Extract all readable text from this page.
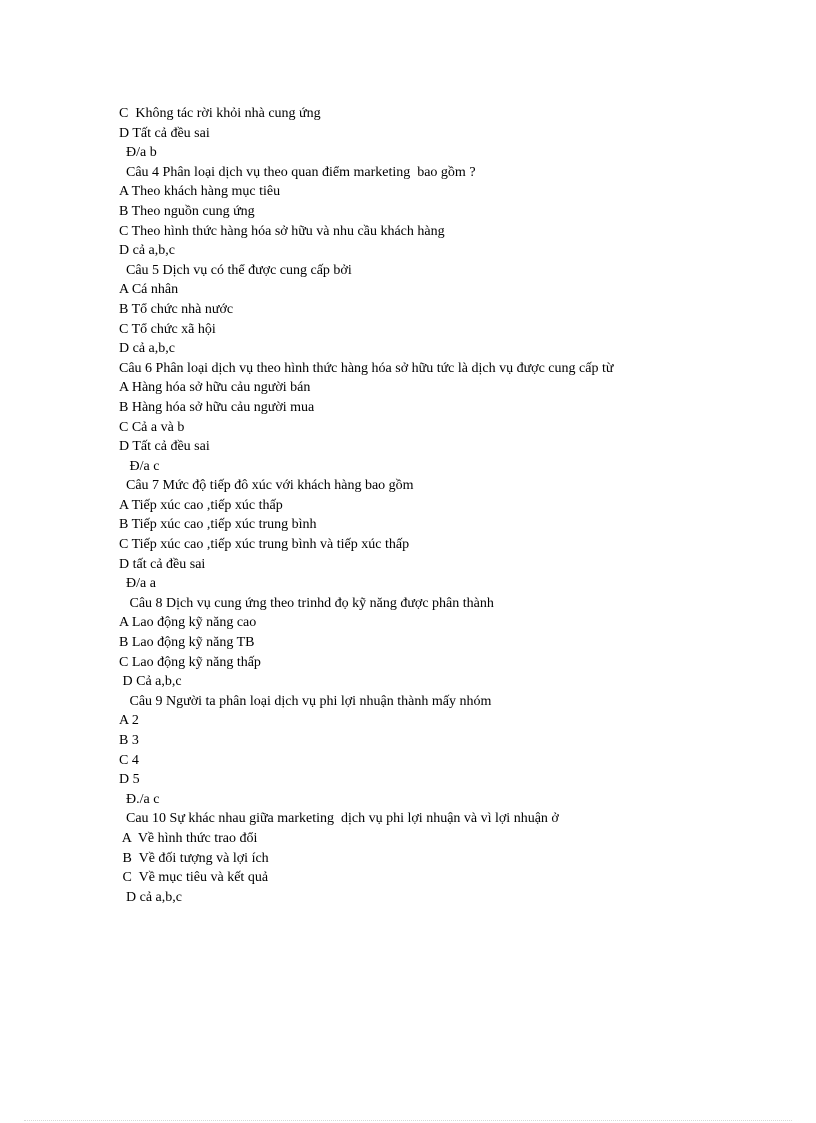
C  Không tác rời khỏi nhà cung ứng
D Tất cả đều sai
Đ/a b
Câu 4 Phân loại dịch vụ theo quan điểm marketing  bao gồm ?
A Theo khách hàng mục tiêu
B Theo nguồn cung ứng
C Theo hình thức hàng hóa sở hữu và nhu cầu khách hàng
D cả a,b,c
Câu 5 Dịch vụ có thể được cung cấp bởi
A Cá nhân
B Tổ chức nhà nước
C Tổ chức xã hội
D cả a,b,c
Câu 6 Phân loại dịch vụ theo hình thức hàng hóa sở hữu tức là dịch vụ được cung cấp từ
A Hàng hóa sở hữu cảu người bán
B Hàng hóa sở hữu cảu người mua
C Cả a và b
D Tất cả đều sai
Đ/a c
Câu 7 Mức độ tiếp đô xúc với khách hàng bao gồm
A Tiếp xúc cao ,tiếp xúc thấp
B Tiếp xúc cao ,tiếp xúc trung bình
C Tiếp xúc cao ,tiếp xúc trung bình và tiếp xúc thấp
D tất cả đều sai
Đ/a a
Câu 8 Dịch vụ cung ứng theo trinhd đọ kỹ năng được phân thành
A Lao động kỹ năng cao
B Lao động kỹ năng TB
C Lao động kỹ năng thấp
D Cả a,b,c
Câu 9 Người ta phân loại dịch vụ phi lợi nhuận thành mấy nhóm
A 2
B 3
C 4
D 5
Đ./a c
Cau 10 Sự khác nhau giữa marketing  dịch vụ phi lợi nhuận và vì lợi nhuận ở
A  Về hình thức trao đổi
B  Về đối tượng và lợi ích
C  Về mục tiêu và kết quả
D cả a,b,c
